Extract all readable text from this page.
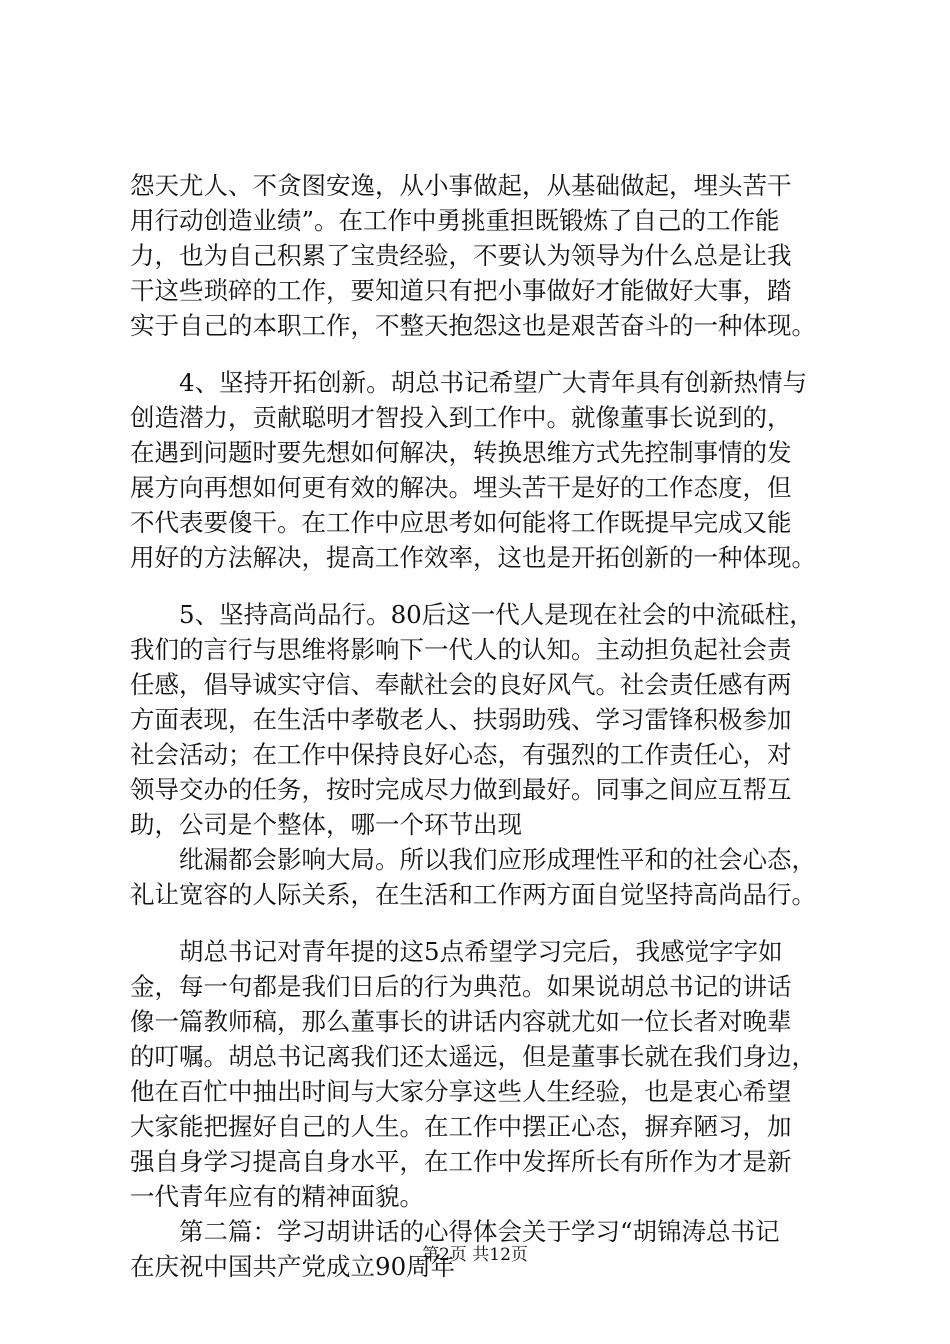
怨天尤人、不贪图安逸，从小事做起，从基础做起，埋头苦干
用行动创造业绩”。在工作中勇挑重担既锻炼了自己的工作能
力，也为自己积累了宝贵经验，不要认为领导为什么总是让我
干这些琐碎的工作，要知道只有把小事做好才能做好大事，踏
实于自己的本职工作，不整天抱怨这也是艰苦奋斗的一种体现。
　　4、坚持开拓创新。胡总书记希望广大青年具有创新热情与
创造潜力，贡献聪明才智投入到工作中。就像董事长说到的，
在遇到问题时要先想如何解决，转换思维方式先控制事情的发
展方向再想如何更有效的解决。埋头苦干是好的工作态度，但
不代表要傻干。在工作中应思考如何能将工作既提早完成又能
用好的方法解决，提高工作效率，这也是开拓创新的一种体现。
　　5、坚持高尚品行。80后这一代人是现在社会的中流砥柱，
我们的言行与思维将影响下一代人的认知。主动担负起社会责
任感，倡导诚实守信、奉献社会的良好风气。社会责任感有两
方面表现，在生活中孝敬老人、扶弱助残、学习雷锋积极参加
社会活动；在工作中保持良好心态，有强烈的工作责任心，对
领导交办的任务，按时完成尽力做到最好。同事之间应互帮互
助，公司是个整体，哪一个环节出现
　　纰漏都会影响大局。所以我们应形成理性平和的社会心态，
礼让宽容的人际关系，在生活和工作两方面自觉坚持高尚品行。
　　胡总书记对青年提的这5点希望学习完后，我感觉字字如
金，每一句都是我们日后的行为典范。如果说胡总书记的讲话
像一篇教师稿，那么董事长的讲话内容就尤如一位长者对晚辈
的叮嘱。胡总书记离我们还太遥远，但是董事长就在我们身边，
他在百忙中抽出时间与大家分享这些人生经验，也是衷心希望
大家能把握好自己的人生。在工作中摆正心态，摒弃陋习，加
强自身学习提高自身水平，在工作中发挥所长有所作为才是新
一代青年应有的精神面貌。
　　第二篇：学习胡讲话的心得体会关于学习“胡锦涛总书记
在庆祝中国共产党成立90周年
第2页 共12页
